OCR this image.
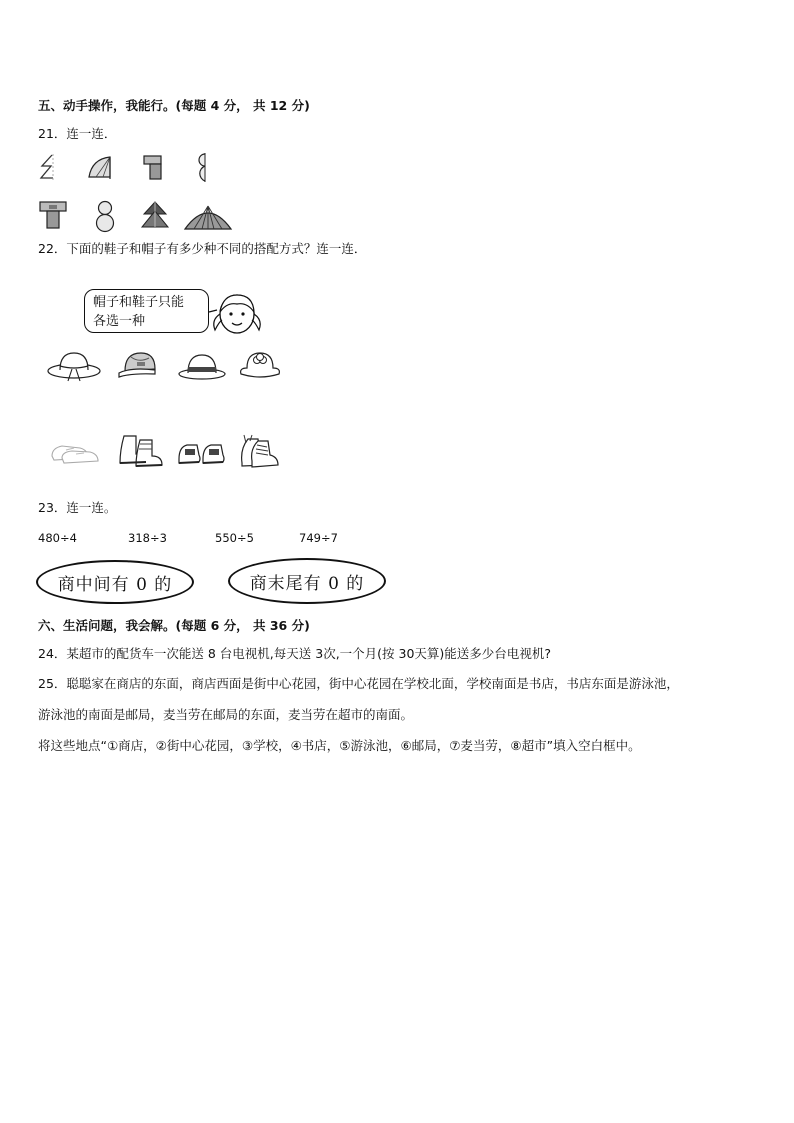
五、动手操作，我能行。(每题 4 分， 共 12 分)
21．连一连．
22．下面的鞋子和帽子有多少种不同的搭配方式？连一连．
帽子和鞋子只能
各选一种
23．连一连。
480÷4	318÷3	550÷5	749÷7
商中间有 0 的	商末尾有 0 的
六、生活问题，我会解。(每题 6 分， 共 36 分)
24．某超市的配货车一次能送 8 台电视机,每天送 3次,一个月(按 30天算)能送多少台电视机?
25．聪聪家在商店的东面，商店西面是街中心花园，街中心花园在学校北面，学校南面是书店，书店东面是游泳池，
游泳池的南面是邮局，麦当劳在邮局的东面，麦当劳在超市的南面。
将这些地点“①商店，②街中心花园，③学校，④书店，⑤游泳池，⑥邮局，⑦麦当劳，⑧超市”填入空白框中。
